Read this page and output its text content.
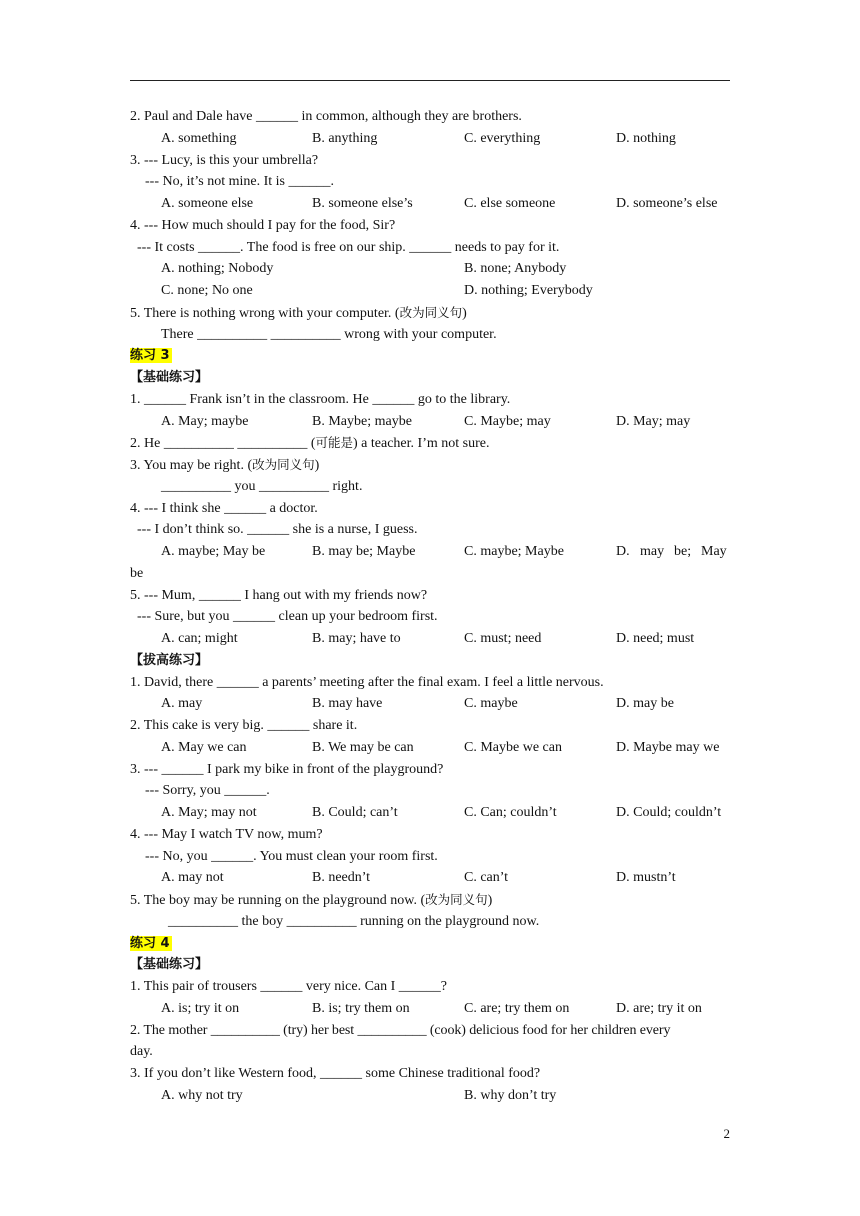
2. Paul and Dale have ______ in common, although they are brothers.

A. something

	B. anything

	C. everything

	D. nothing

3. --- Lucy, is this your umbrella?
--- No, it’s not mine. It is ______.

A. someone else

	B. someone else’s

	C. else someone

	D. someone’s else

4. --- How much should I pay for the food, Sir?
--- It costs ______. The food is free on our ship. ______ needs to pay for it.

A. nothing; Nobody

	B. none; Anybody

C. none; No one

	D. nothing; Everybody

5. There is nothing wrong with your computer. (改为同义句)
There __________ __________ wrong with your computer.
练习 3
【基础练习】
1. ______ Frank isn’t in the classroom. He ______ go to the library.

A. May; maybe

	B. Maybe; maybe

	C. Maybe; may

	D. May; may

2. He __________ __________ (可能是) a teacher. I’m not sure.
3. You may be right. (改为同义句)
__________ you __________ right.
4. --- I think she ______ a doctor.
--- I don’t think so. ______ she is a nurse, I guess.

A. maybe; May be

	B. may be; Maybe

	C. maybe; Maybe

	D.

may

be;

May

be
5. --- Mum, ______ I hang out with my friends now?
--- Sure, but you ______ clean up your bedroom first.

A. can; might

	B. may; have to

	C. must; need

	D. need; must

【拔高练习】
1. David, there ______ a parents’ meeting after the final exam. I feel a little nervous.

A. may

	B. may have

	C. maybe

	D. may be

2. This cake is very big. ______ share it.

A. May we can

	B. We may be can

	C. Maybe we can

	D. Maybe may we

3. --- ______ I park my bike in front of the playground?
--- Sorry, you ______.

A. May; may not

	B. Could; can’t

	C. Can; couldn’t

	D. Could; couldn’t

4. --- May I watch TV now, mum?
--- No, you ______. You must clean your room first.

A. may not

	B. needn’t

	C. can’t

	D. mustn’t

5. The boy may be running on the playground now. (改为同义句)
__________ the boy __________ running on the playground now.
练习 4
【基础练习】
1. This pair of trousers ______ very nice. Can I ______?

A. is; try it on

	B. is; try them on

	C. are; try them on

	D. are; try it on

2. The mother __________ (try) her best __________ (cook) delicious food for her children every
day.
3. If you don’t like Western food, ______ some Chinese traditional food?

A. why not try

	B. why don’t try

2
